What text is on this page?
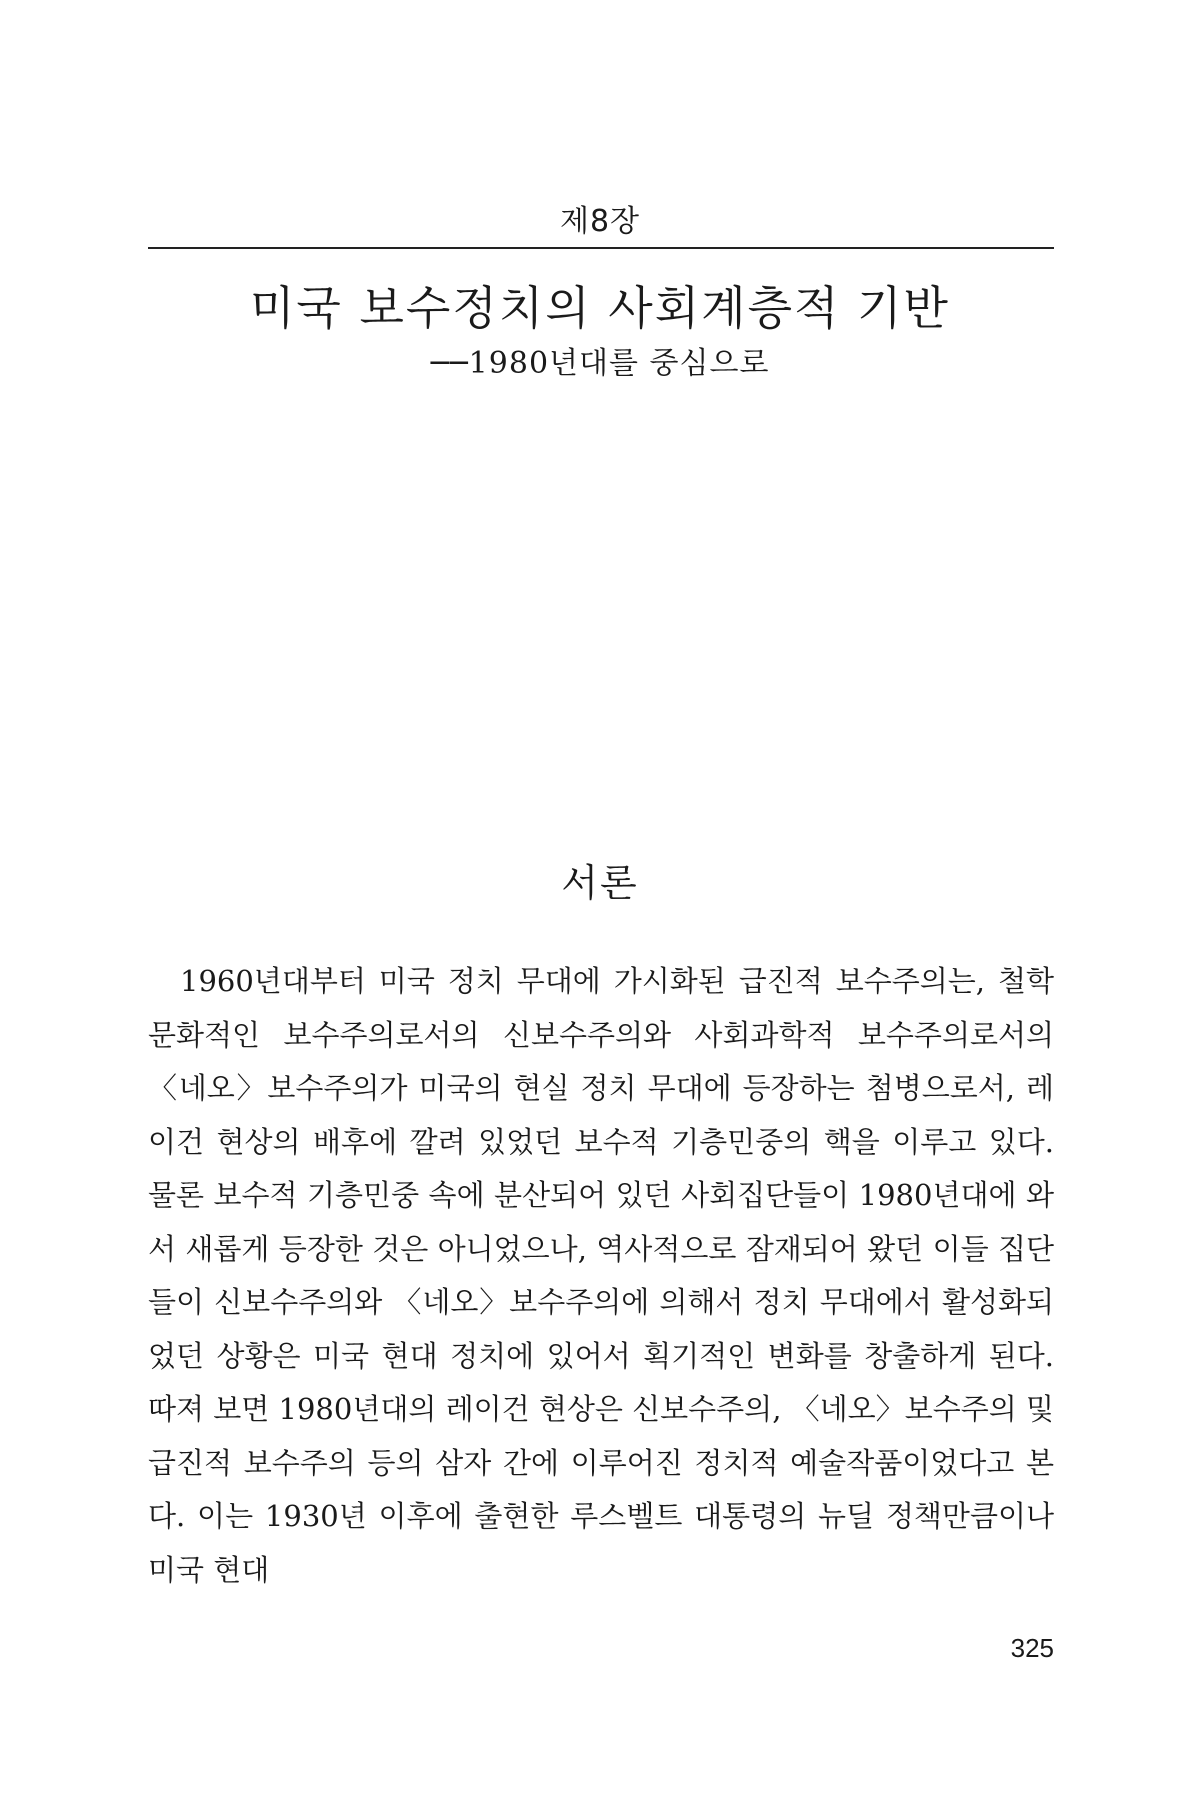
제8장
미국 보수정치의 사회계층적 기반
──1980년대를 중심으로
서론

1960년대부터 미국 정치 무대에 가시화된 급진적 보수주의는, 철학 문화적인 보수주의로서의 신보수주의와 사회과학적 보수주의로서의 〈네오〉보수주의가 미국의 현실 정치 무대에 등장하는 첨병으로서, 레이건 현상의 배후에 깔려 있었던 보수적 기층민중의 핵을 이루고 있다. 물론 보수적 기층민중 속에 분산되어 있던 사회집단들이 1980년대에 와서 새롭게 등장한 것은 아니었으나, 역사적으로 잠재되어 왔던 이들 집단들이 신보수주의와 〈네오〉보수주의에 의해서 정치 무대에서 활성화되었던 상황은 미국 현대 정치에 있어서 획기적인 변화를 창출하게 된다. 따져 보면 1980년대의 레이건 현상은 신보수주의, 〈네오〉보수주의 및 급진적 보수주의 등의 삼자 간에 이루어진 정치적 예술작품이었다고 본다. 이는 1930년 이후에 출현한 루스벨트 대통령의 뉴딜 정책만큼이나 미국 현대

325
